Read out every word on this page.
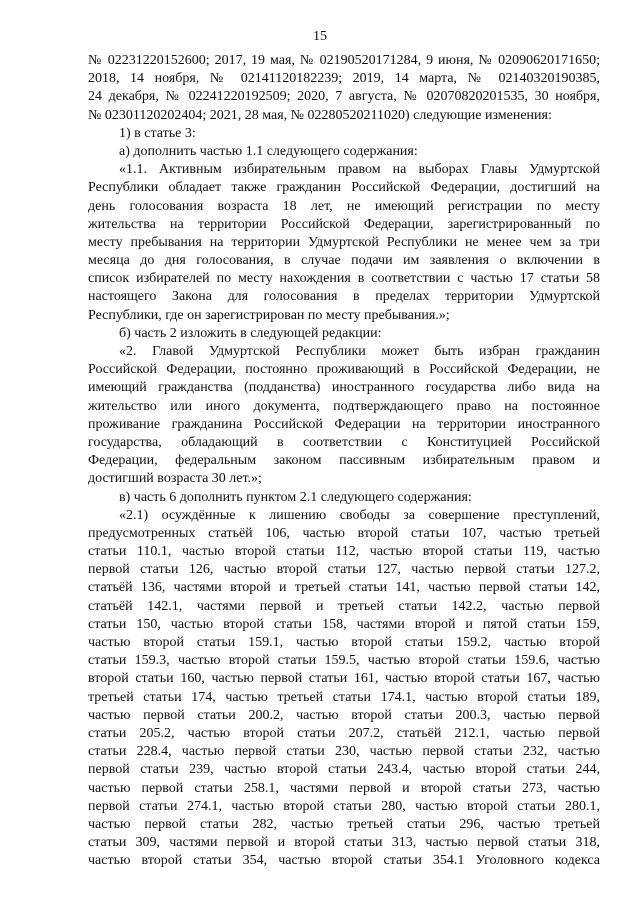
15
№ 02231220152600; 2017, 19 мая, № 02190520171284, 9 июня, № 02090620171650;
2018, 14 ноября, № 02141120182239; 2019, 14 марта, № 02140320190385,
24 декабря, № 02241220192509; 2020, 7 августа, № 02070820201535, 30 ноября,
№ 02301120202404; 2021, 28 мая, № 02280520211020) следующие изменения:
1) в статье 3:
а) дополнить частью 1.1 следующего содержания:
«1.1. Активным избирательным правом на выборах Главы Удмуртской
Республики обладает также гражданин Российской Федерации, достигший на
день голосования возраста 18 лет, не имеющий регистрации по месту
жительства на территории Российской Федерации, зарегистрированный по
месту пребывания на территории Удмуртской Республики не менее чем за три
месяца до дня голосования, в случае подачи им заявления о включении в
список избирателей по месту нахождения в соответствии с частью 17 статьи 58
настоящего Закона для голосования в пределах территории Удмуртской
Республики, где он зарегистрирован по месту пребывания.»;
б) часть 2 изложить в следующей редакции:
«2. Главой Удмуртской Республики может быть избран гражданин
Российской Федерации, постоянно проживающий в Российской Федерации, не
имеющий гражданства (подданства) иностранного государства либо вида на
жительство или иного документа, подтверждающего право на постоянное
проживание гражданина Российской Федерации на территории иностранного
государства, обладающий в соответствии с Конституцией Российской
Федерации, федеральным законом пассивным избирательным правом и
достигший возраста 30 лет.»;
в) часть 6 дополнить пунктом 2.1 следующего содержания:
«2.1) осуждённые к лишению свободы за совершение преступлений,
предусмотренных статьёй 106, частью второй статьи 107, частью третьей
статьи 110.1, частью второй статьи 112, частью второй статьи 119, частью
первой статьи 126, частью второй статьи 127, частью первой статьи 127.2,
статьёй 136, частями второй и третьей статьи 141, частью первой статьи 142,
статьёй 142.1, частями первой и третьей статьи 142.2, частью первой
статьи 150, частью второй статьи 158, частями второй и пятой статьи 159,
частью второй статьи 159.1, частью второй статьи 159.2, частью второй
статьи 159.3, частью второй статьи 159.5, частью второй статьи 159.6, частью
второй статьи 160, частью первой статьи 161, частью второй статьи 167, частью
третьей статьи 174, частью третьей статьи 174.1, частью второй статьи 189,
частью первой статьи 200.2, частью второй статьи 200.3, частью первой
статьи 205.2, частью второй статьи 207.2, статьёй 212.1, частью первой
статьи 228.4, частью первой статьи 230, частью первой статьи 232, частью
первой статьи 239, частью второй статьи 243.4, частью второй статьи 244,
частью первой статьи 258.1, частями первой и второй статьи 273, частью
первой статьи 274.1, частью второй статьи 280, частью второй статьи 280.1,
частью первой статьи 282, частью третьей статьи 296, частью третьей
статьи 309, частями первой и второй статьи 313, частью первой статьи 318,
частью второй статьи 354, частью второй статьи 354.1 Уголовного кодекса
